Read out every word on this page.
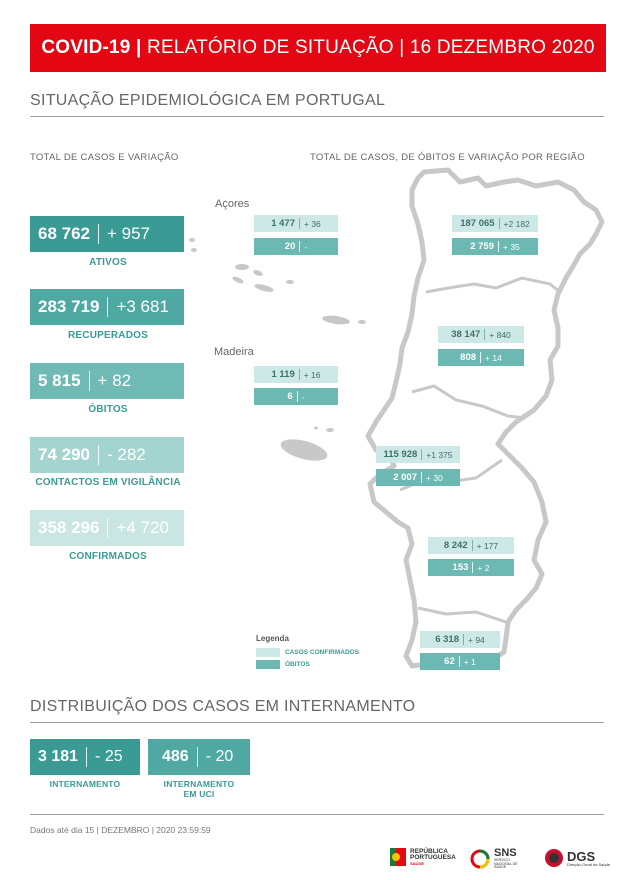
COVID-19 | RELATÓRIO DE SITUAÇÃO | 16 DEZEMBRO 2020
SITUAÇÃO EPIDEMIOLÓGICA EM PORTUGAL
TOTAL DE CASOS E VARIAÇÃO	TOTAL DE CASOS, DE ÓBITOS E VARIAÇÃO POR REGIÃO
68 762 + 957
ATIVOS
283 719 +3 681
RECUPERADOS
5 815 + 82
ÓBITOS
74 290 - 282
CONTACTOS EM VIGILÂNCIA
358 296 +4 720
CONFIRMADOS
Açores
Madeira
1 477 + 36
20 -
1 119 + 16
6 -
187 065 +2 182
2 759 + 35
38 147 + 840
808 + 14
115 928 +1 375
2 007 + 30
8 242 + 177
153 + 2
6 318 + 94
62 + 1
Legenda
CASOS CONFIRMADOS
ÓBITOS
DISTRIBUIÇÃO DOS CASOS EM INTERNAMENTO
3 181 - 25
INTERNAMENTO
486 - 20
INTERNAMENTO
EM UCI
Dados até dia 15 | DEZEMBRO | 2020 23:59:59
REPÚBLICA
PORTUGUESA
SAÚDE
SNS
SERVIÇO NACIONAL DE SAÚDE
DGS
Direção-Geral da Saúde
